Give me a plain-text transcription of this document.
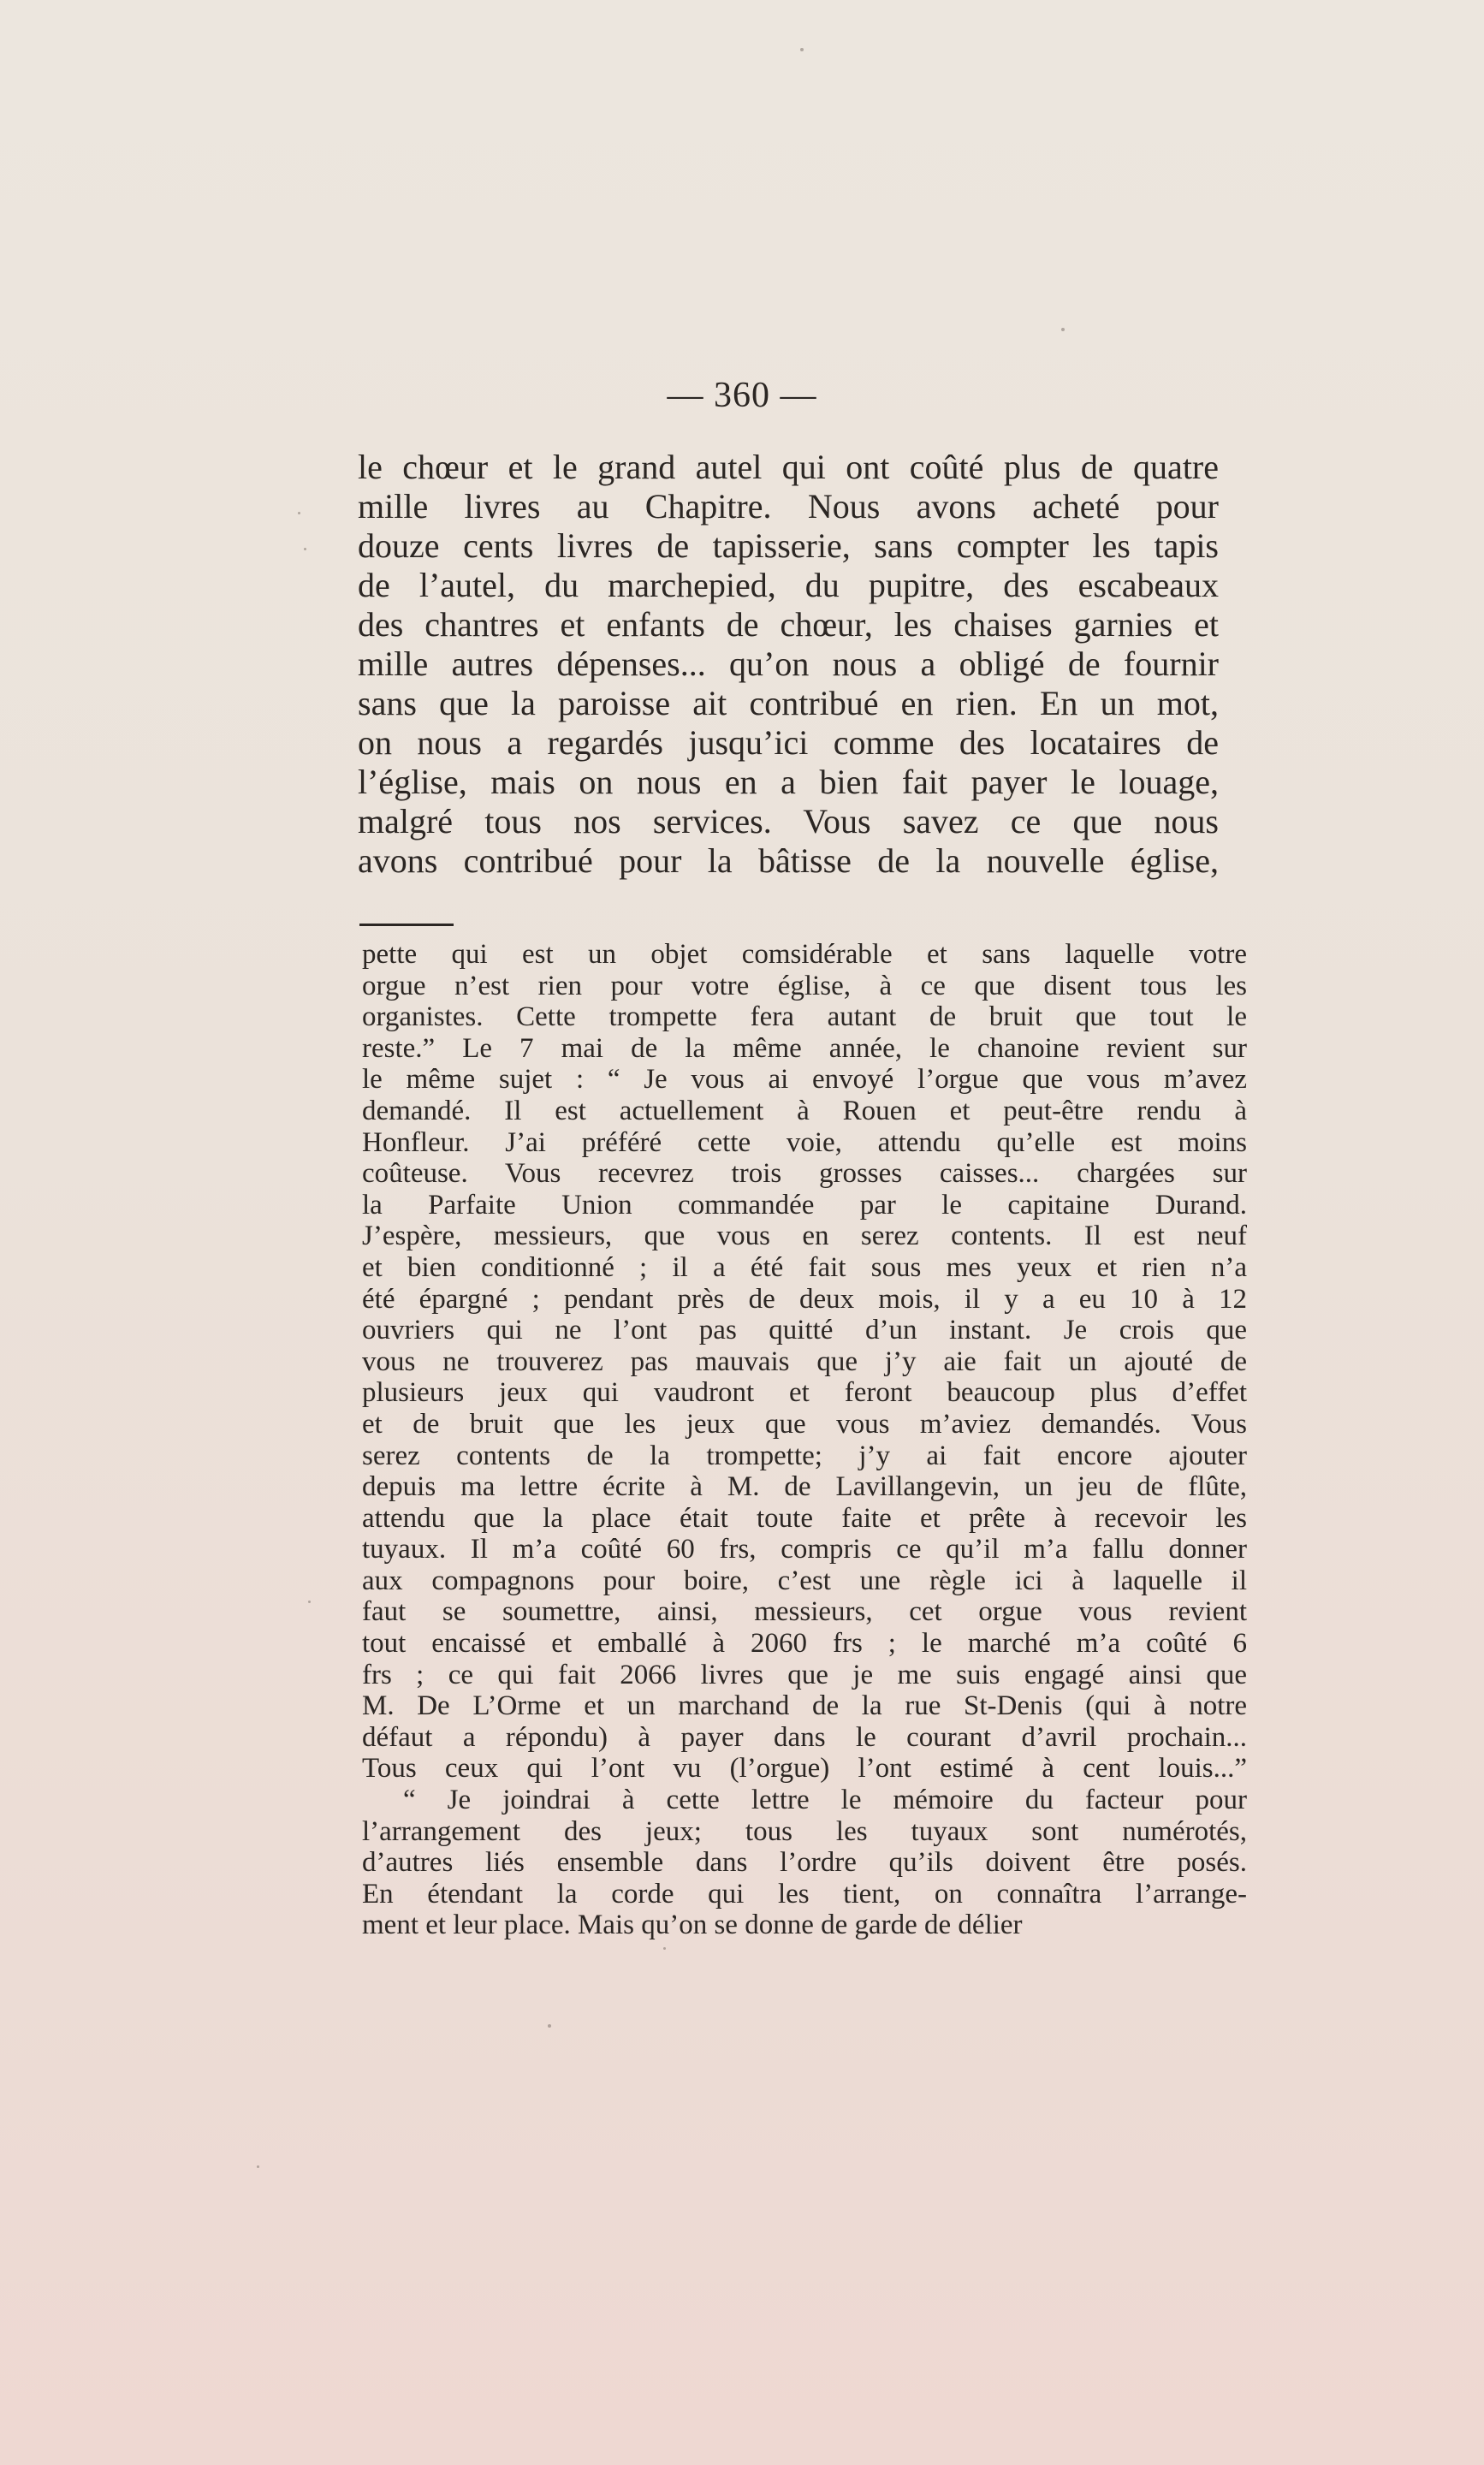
— 360 —
le chœur et le grand autel qui ont coûté plus de quatre
mille livres au Chapitre. Nous avons acheté pour
douze cents livres de tapisserie, sans compter les tapis
de l’autel, du marchepied, du pupitre, des escabeaux
des chantres et enfants de chœur, les chaises garnies et
mille autres dépenses... qu’on nous a obligé de fournir
sans que la paroisse ait contribué en rien. En un mot,
on nous a regardés jusqu’ici comme des locataires de
l’église, mais on nous en a bien fait payer le louage,
malgré tous nos services. Vous savez ce que nous
avons contribué pour la bâtisse de la nouvelle église,
pette qui est un objet comsidérable et sans laquelle votre
orgue n’est rien pour votre église, à ce que disent tous les
organistes. Cette trompette fera autant de bruit que tout le
reste.” Le 7 mai de la même année, le chanoine revient sur
le même sujet : “ Je vous ai envoyé l’orgue que vous m’avez
demandé. Il est actuellement à Rouen et peut-être rendu à
Honfleur. J’ai préféré cette voie, attendu qu’elle est moins
coûteuse. Vous recevrez trois grosses caisses... chargées sur
la Parfaite Union commandée par le capitaine Durand.
J’espère, messieurs, que vous en serez contents. Il est neuf
et bien conditionné ; il a été fait sous mes yeux et rien n’a
été épargné ; pendant près de deux mois, il y a eu 10 à 12
ouvriers qui ne l’ont pas quitté d’un instant. Je crois que
vous ne trouverez pas mauvais que j’y aie fait un ajouté de
plusieurs jeux qui vaudront et feront beaucoup plus d’effet
et de bruit que les jeux que vous m’aviez demandés. Vous
serez contents de la trompette; j’y ai fait encore ajouter
depuis ma lettre écrite à M. de Lavillangevin, un jeu de flûte,
attendu que la place était toute faite et prête à recevoir les
tuyaux. Il m’a coûté 60 frs, compris ce qu’il m’a fallu donner
aux compagnons pour boire, c’est une règle ici à laquelle il
faut se soumettre, ainsi, messieurs, cet orgue vous revient
tout encaissé et emballé à 2060 frs ; le marché m’a coûté 6
frs ; ce qui fait 2066 livres que je me suis engagé ainsi que
M. De L’Orme et un marchand de la rue St-Denis (qui à notre
défaut a répondu) à payer dans le courant d’avril prochain...
Tous ceux qui l’ont vu (l’orgue) l’ont estimé à cent louis...”
“ Je joindrai à cette lettre le mémoire du facteur pour
l’arrangement des jeux; tous les tuyaux sont numérotés,
d’autres liés ensemble dans l’ordre qu’ils doivent être posés.
En étendant la corde qui les tient, on connaîtra l’arrange-
ment et leur place. Mais qu’on se donne de garde de délier
